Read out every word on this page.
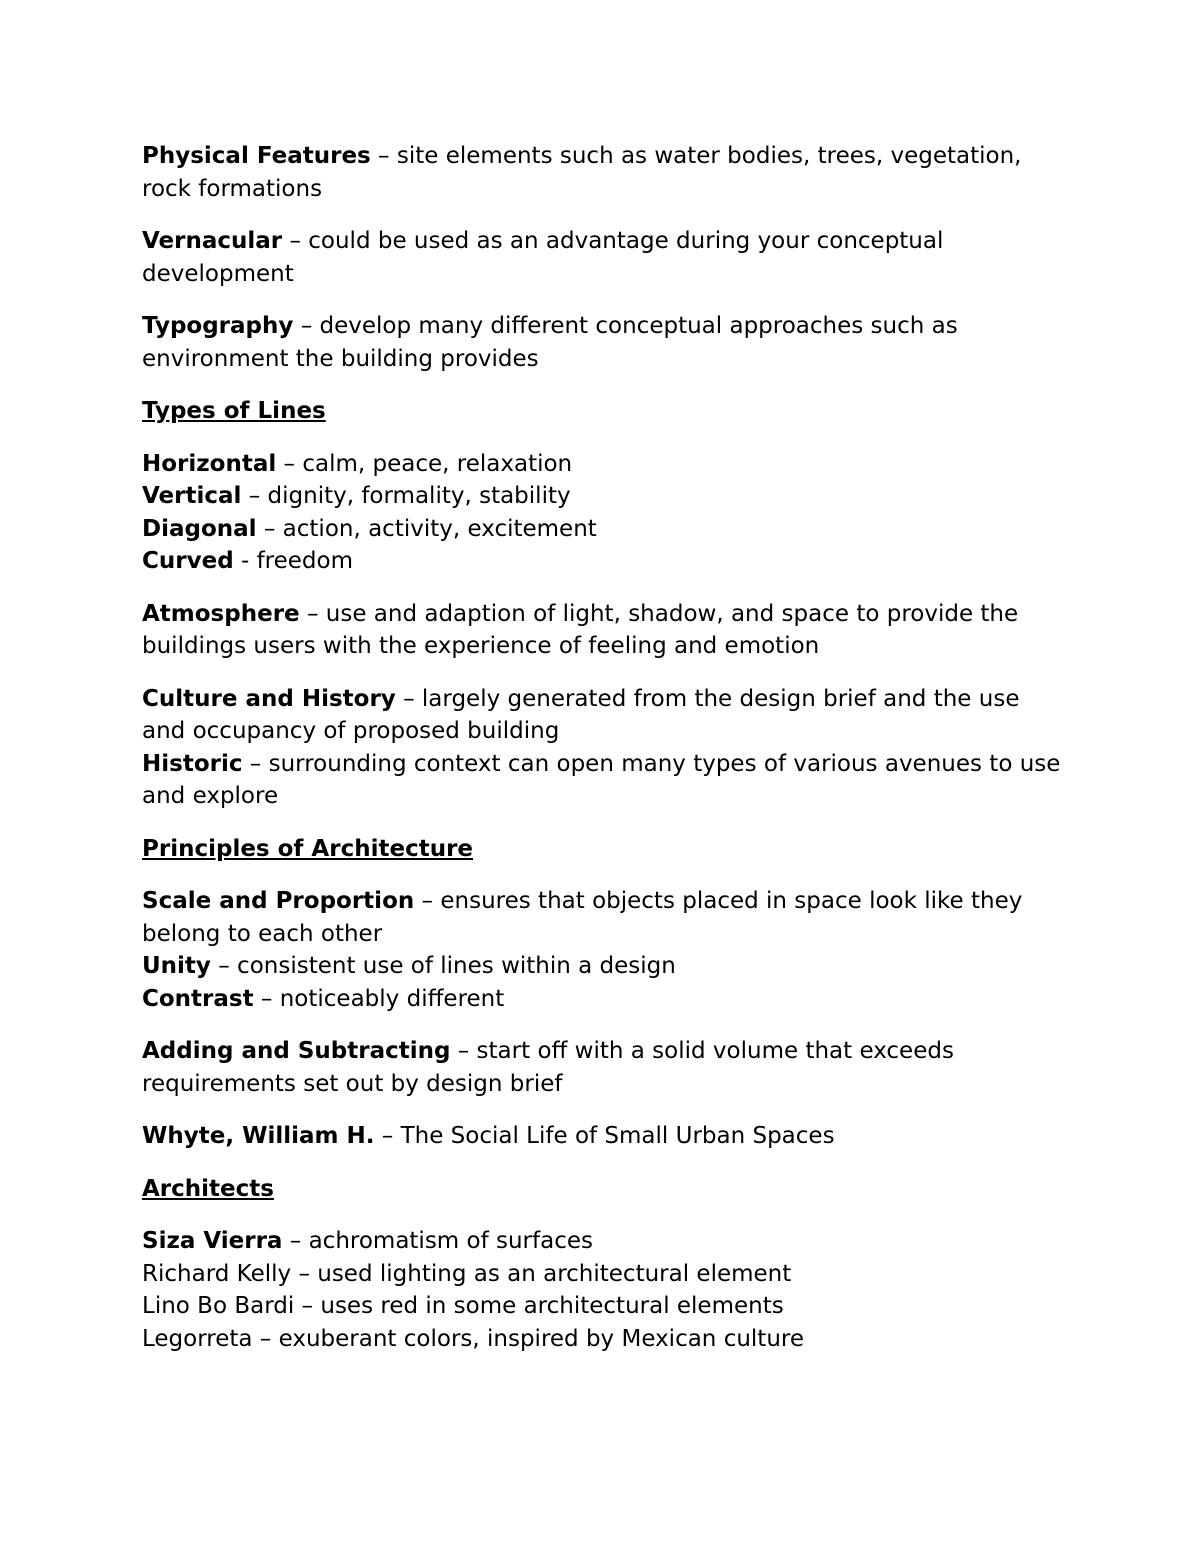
Physical Features – site elements such as water bodies, trees, vegetation, rock formations

Vernacular – could be used as an advantage during your conceptual development

Typography – develop many different conceptual approaches such as environment the building provides

Types of Lines

Horizontal – calm, peace, relaxation
Vertical – dignity, formality, stability
Diagonal – action, activity, excitement
Curved - freedom

Atmosphere – use and adaption of light, shadow, and space to provide the buildings users with the experience of feeling and emotion

Culture and History – largely generated from the design brief and the use and occupancy of proposed building
Historic – surrounding context can open many types of various avenues to use and explore

Principles of Architecture

Scale and Proportion – ensures that objects placed in space look like they belong to each other
Unity – consistent use of lines within a design
Contrast – noticeably different

Adding and Subtracting – start off with a solid volume that exceeds requirements set out by design brief

Whyte, William H. – The Social Life of Small Urban Spaces

Architects

Siza Vierra – achromatism of surfaces
Richard Kelly – used lighting as an architectural element
Lino Bo Bardi – uses red in some architectural elements
Legorreta – exuberant colors, inspired by Mexican culture
